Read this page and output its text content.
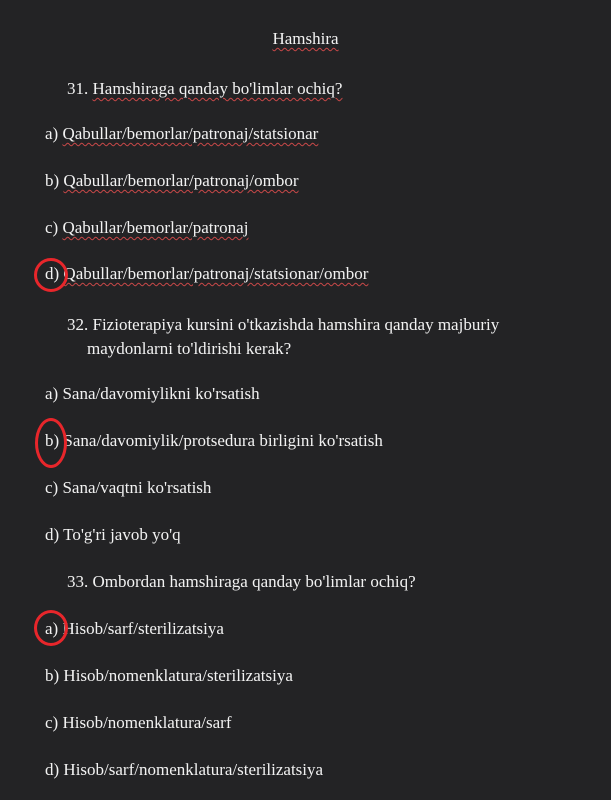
Hamshira
31. Hamshiraga qanday bo'limlar ochiq?
a) Qabullar/bemorlar/patronaj/statsionar
b) Qabullar/bemorlar/patronaj/ombor
c) Qabullar/bemorlar/patronaj
d) Qabullar/bemorlar/patronaj/statsionar/ombor
32. Fizioterapiya kursini o'tkazishda hamshira qanday majburiy
maydonlarni to'ldirishi kerak?
a) Sana/davomiylikni ko'rsatish
b) Sana/davomiylik/protsedura birligini ko'rsatish
c) Sana/vaqtni ko'rsatish
d) To'g'ri javob yo'q
33. Ombordan hamshiraga qanday bo'limlar ochiq?
a) Hisob/sarf/sterilizatsiya
b) Hisob/nomenklatura/sterilizatsiya
c) Hisob/nomenklatura/sarf
d) Hisob/sarf/nomenklatura/sterilizatsiya
